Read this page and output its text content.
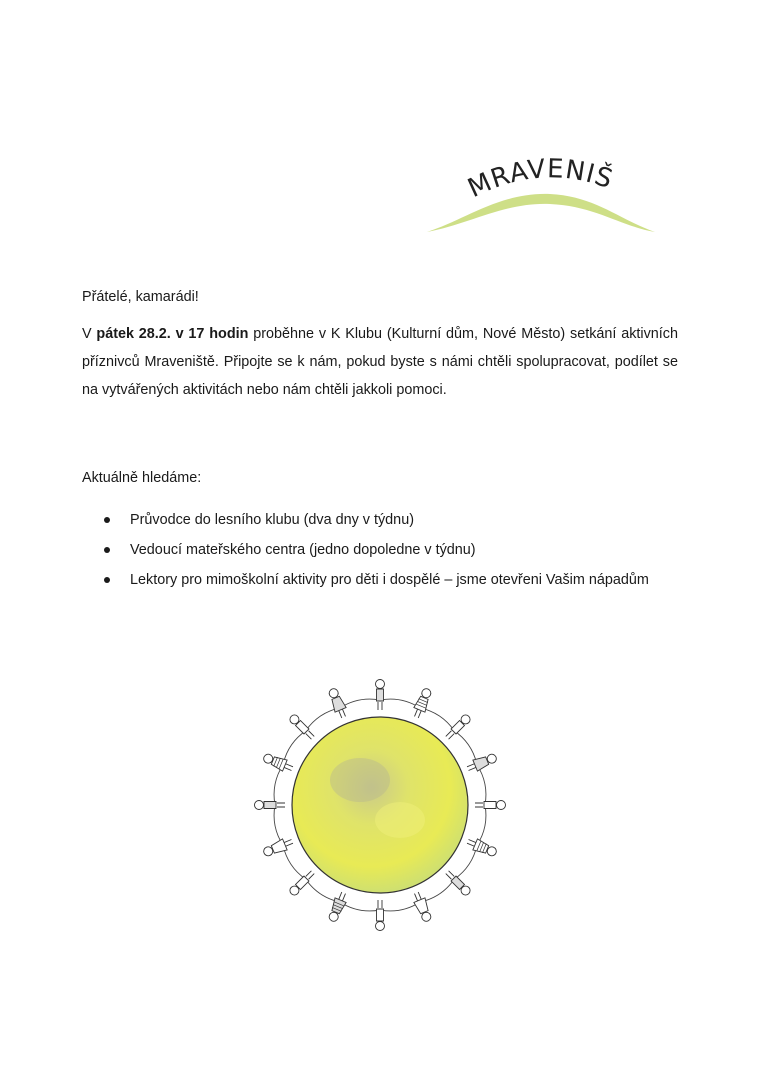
MRAVENIŠ
Přátelé, kamarádi!
V pátek 28.2. v 17 hodin proběhne v K Klubu (Kulturní dům, Nové Město) setkání aktivních příznivců Mraveniště. Připojte se k nám, pokud byste s námi chtěli spolupracovat, podílet se na vytvářených aktivitách nebo nám chtěli jakkoli pomoci.
Aktuálně hledáme:
Průvodce do lesního klubu (dva dny v týdnu)
Vedoucí mateřského centra (jedno dopoledne v týdnu)
Lektory pro mimoškolní aktivity pro děti i dospělé – jsme otevřeni Vašim nápadům
